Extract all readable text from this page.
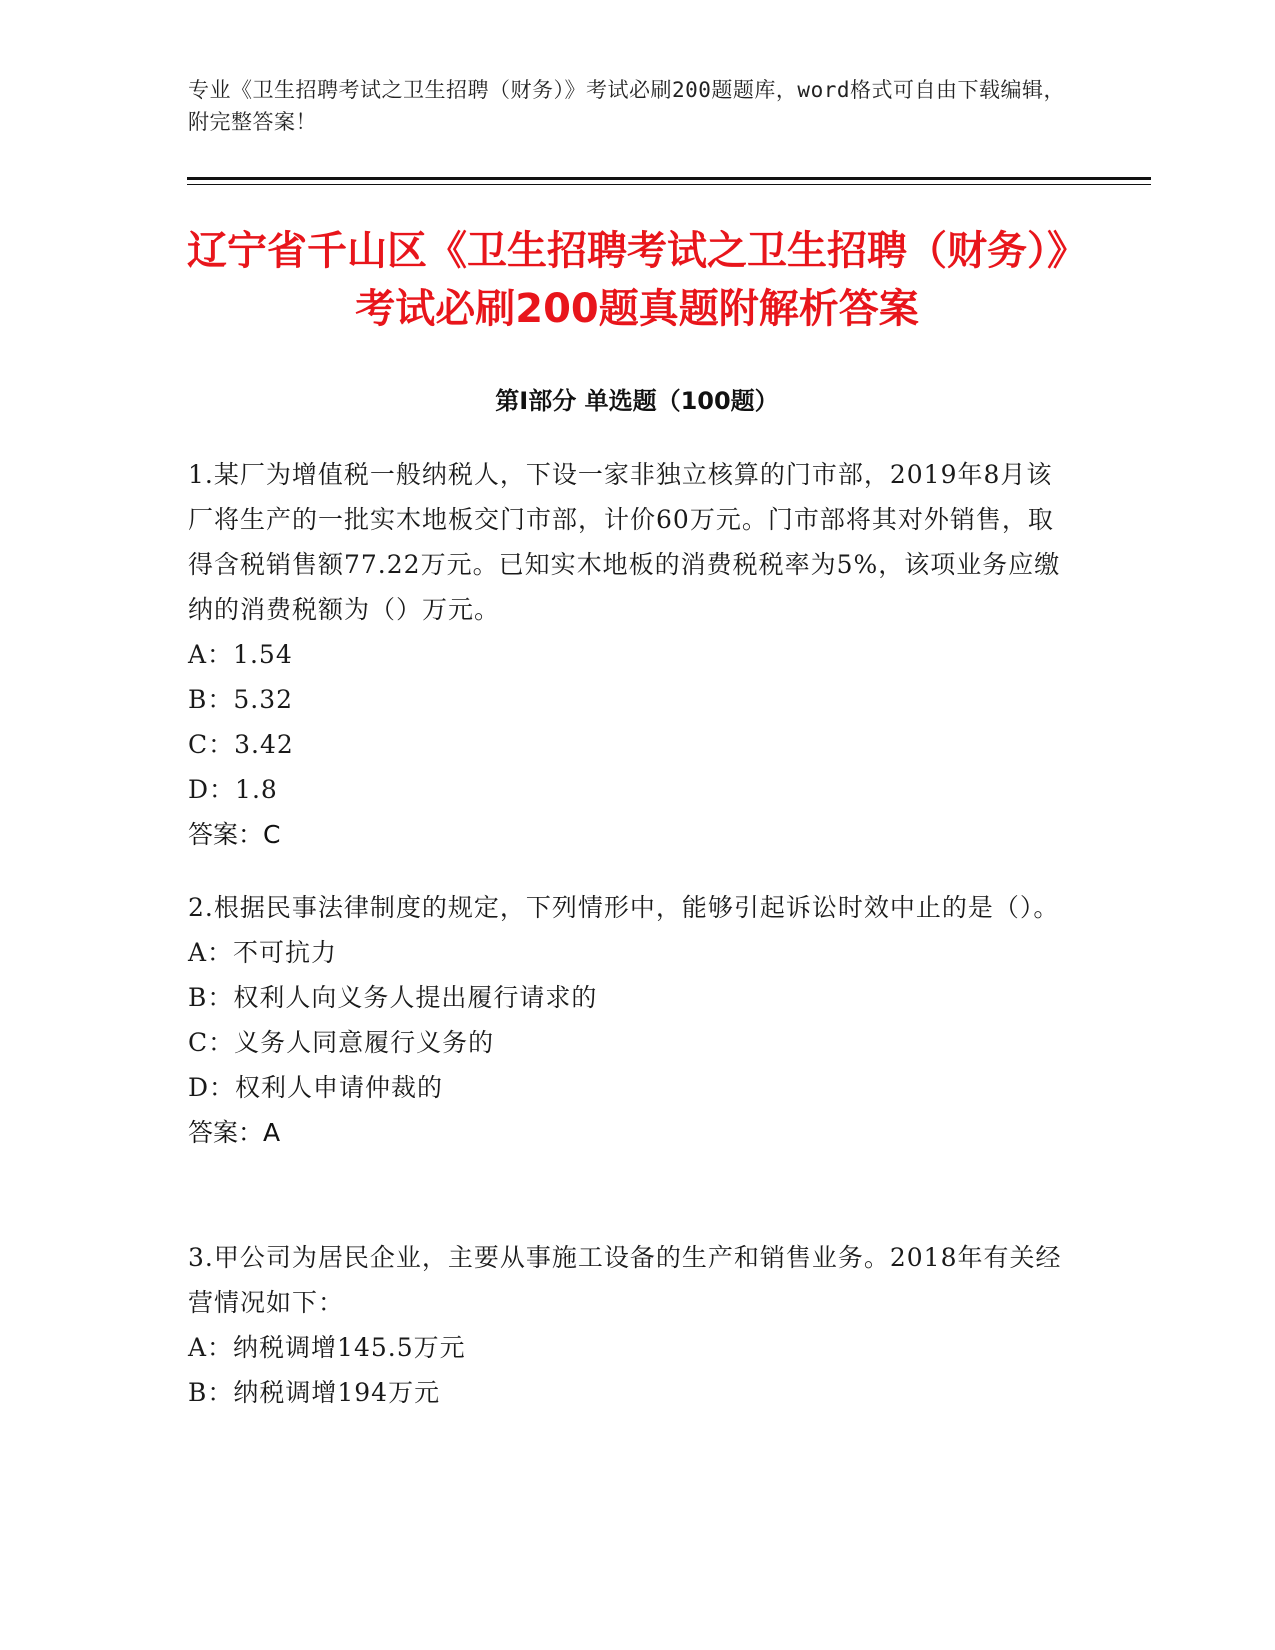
专业《卫生招聘考试之卫生招聘（财务）》考试必刷200题题库，word格式可自由下载编辑，附完整答案！
辽宁省千山区《卫生招聘考试之卫生招聘（财务）》考试必刷200题真题附解析答案
第Ⅰ部分 单选题（100题）

1.某厂为增值税一般纳税人，下设一家非独立核算的门市部，2019年8月该厂将生产的一批实木地板交门市部，计价60万元。门市部将其对外销售，取得含税销售额77.22万元。已知实木地板的消费税税率为5%，该项业务应缴纳的消费税额为（）万元。

A：1.54

B：5.32

C：3.42

D：1.8

答案：C

2.根据民事法律制度的规定，下列情形中，能够引起诉讼时效中止的是（）。

A：不可抗力

B：权利人向义务人提出履行请求的

C：义务人同意履行义务的

D：权利人申请仲裁的

答案：A

3.甲公司为居民企业，主要从事施工设备的生产和销售业务。2018年有关经营情况如下：

A：纳税调增145.5万元

B：纳税调增194万元
